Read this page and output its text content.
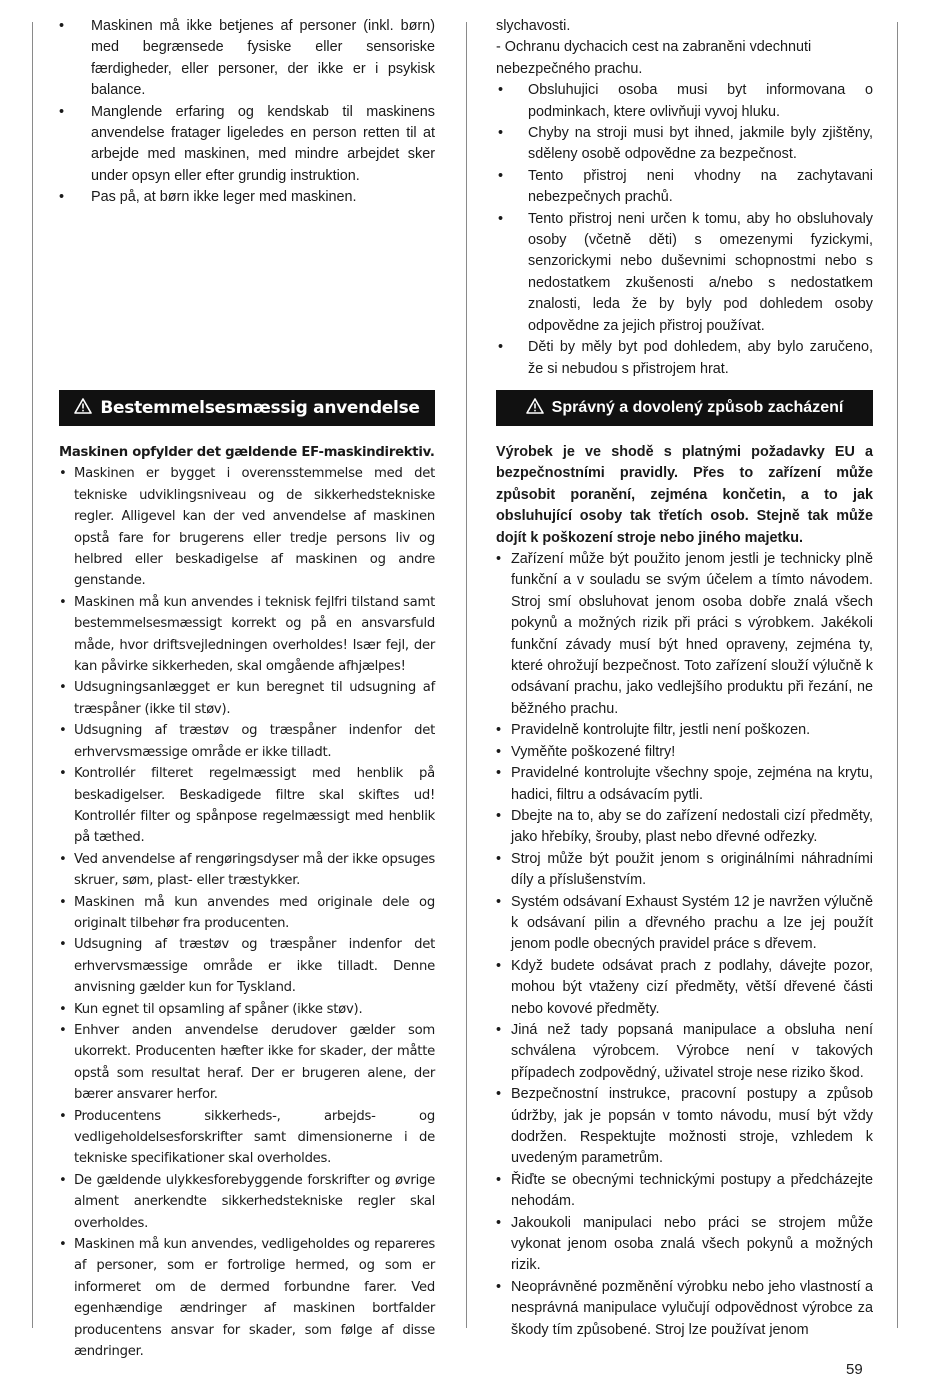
• Maskinen må ikke betjenes af personer (inkl. børn) med begrænsede fysiske eller sensoriske færdigheder, eller personer, der ikke er i psykisk balance.
• Manglende erfaring og kendskab til maskinens anvendelse fratager ligeledes en person retten til at arbejde med maskinen, med mindre arbejdet sker under opsyn eller efter grundig instruktion.
• Pas på, at børn ikke leger med maskinen.

slychavosti.

- Ochranu dychacich cest na zabraněni vdechnuti nebezpečného prachu.

• Obsluhujici osoba musi byt informovana o podminkach, ktere ovlivňuji vyvoj hluku.
• Chyby na stroji musi byt ihned, jakmile byly zjištěny, sděleny osobě odpovědne za bezpečnost.
• Tento přistroj neni vhodny na zachytavani nebezpečnych prachů.
• Tento přistroj neni určen k tomu, aby ho obsluhovaly osoby (včetně děti) s omezenymi fyzickymi, senzorickymi nebo duševnimi schopnostmi nebo s nedostatkem zkušenosti a/nebo s nedostatkem znalosti, leda že by byly pod dohledem osoby odpovědne za jejich přistroj používat.
• Děti by měly byt pod dohledem, aby bylo zaručeno, že si nebudou s přistrojem hrat.
Bestemmelsesmæssig anvendelse	Správný a dovolený způsob zacházení

Maskinen opfylder det gældende EF-maskindirektiv.

• Maskinen er bygget i overensstemmelse med det tekniske udviklingsniveau og de sikkerhedstekniske regler. Alligevel kan der ved anvendelse af maskinen opstå fare for brugerens eller tredje persons liv og helbred eller beskadigelse af maskinen og andre genstande.
• Maskinen må kun anvendes i teknisk fejlfri tilstand samt bestemmelsesmæssigt korrekt og på en ansvarsfuld måde, hvor driftsvejledningen overholdes! Især fejl, der kan påvirke sikkerheden, skal omgående afhjælpes!
• Udsugningsanlægget er kun beregnet til udsugning af træspåner (ikke til støv).
• Udsugning af træstøv og træspåner indenfor det erhvervsmæssige område er ikke tilladt.
• Kontrollér filteret regelmæssigt med henblik på beskadigelser. Beskadigede filtre skal skiftes ud! Kontrollér filter og spånpose regelmæssigt med henblik på tæthed.
• Ved anvendelse af rengøringsdyser må der ikke opsuges skruer, søm, plast- eller træstykker.
• Maskinen må kun anvendes med originale dele og originalt tilbehør fra producenten.
• Udsugning af træstøv og træspåner indenfor det erhvervsmæssige område er ikke tilladt. Denne anvisning gælder kun for Tyskland.
• Kun egnet til opsamling af spåner (ikke støv).
• Enhver anden anvendelse derudover gælder som ukorrekt. Producenten hæfter ikke for skader, der måtte opstå som resultat heraf. Der er brugeren alene, der bærer ansvarer herfor.
• Producentens sikkerheds-, arbejds- og vedligeholdelsesforskrifter samt dimensionerne i de tekniske specifikationer skal overholdes.
• De gældende ulykkesforebyggende forskrifter og øvrige alment anerkendte sikkerhedstekniske regler skal overholdes.
• Maskinen må kun anvendes, vedligeholdes og repareres af personer, som er fortrolige hermed, og som er informeret om de dermed forbundne farer. Ved egenhændige ændringer af maskinen bortfalder producentens ansvar for skader, som følge af disse ændringer.

Výrobek je ve shodě s platnými požadavky EU a bezpečnostními pravidly. Přes to zařízení může způsobit poranění, zejména končetin, a to jak obsluhující osoby tak třetích osob. Stejně tak může dojít k poškození stroje nebo jiného majetku.

• Zařízení může být použito jenom jestli je technicky plně funkční a v souladu se svým účelem a tímto návodem. Stroj smí obsluhovat jenom osoba dobře znalá všech pokynů a možných rizik při práci s výrobkem. Jakékoli funkční závady musí být hned opraveny, zejména ty, které ohrožují bezpečnost. Toto zařízení slouží výlučně k odsávaní prachu, jako vedlejšího produktu při řezání, ne běžného prachu.
• Pravidelně kontrolujte filtr, jestli není poškozen.
• Vyměňte poškozené filtry!
• Pravidelné kontrolujte všechny spoje, zejména na krytu, hadici, filtru a odsávacím pytli.
• Dbejte na to, aby se do zařízení nedostali cizí předměty, jako hřebíky, šrouby, plast nebo dřevné odřezky.
• Stroj může být použit jenom s originálními náhradními díly a příslušenstvím.
• Systém odsávaní Exhaust Systém 12 je navržen výlučně k odsávaní pilin a dřevného prachu a lze jej použít jenom podle obecných pravidel práce s dřevem.
• Když budete odsávat prach z podlahy, dávejte pozor, mohou být vtaženy cizí předměty, větší dřevené části nebo kovové předměty.
• Jiná než tady popsaná manipulace a obsluha není schválena výrobcem. Výrobce není v takových případech zodpovědný, uživatel stroje nese riziko škod.
• Bezpečnostní instrukce, pracovní postupy a způsob údržby, jak je popsán v tomto návodu, musí být vždy dodržen. Respektujte možnosti stroje, vzhledem k uvedeným parametrům.
• Řiďte se obecnými technickými postupy a předcházejte nehodám.
• Jakoukoli manipulaci nebo práci se strojem může vykonat jenom osoba znalá všech pokynů a možných rizik.
• Neoprávněné pozměnění výrobku nebo jeho vlastností a nesprávná manipulace vylučují odpovědnost výrobce za škody tím způsobené. Stroj lze používat jenom
59
